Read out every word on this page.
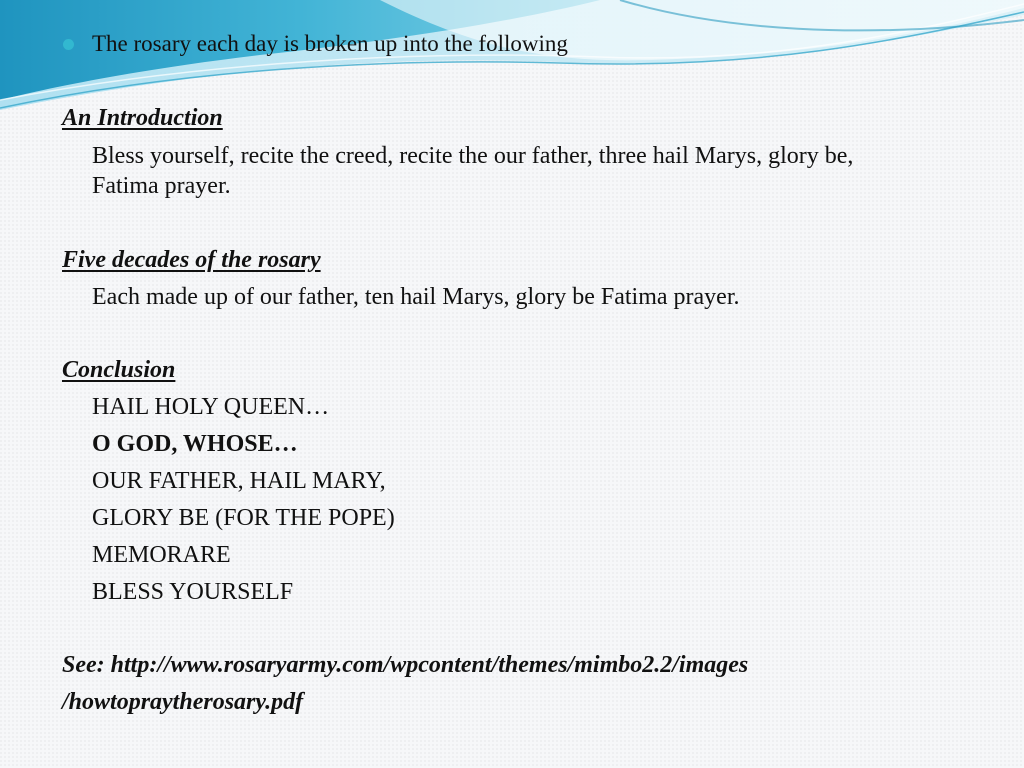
The rosary each day is broken up into the following
An Introduction
Bless yourself, recite the creed, recite the our father, three hail Marys, glory be,
Fatima prayer.
Five decades of the rosary
Each made up of our father, ten hail Marys, glory be Fatima prayer.
Conclusion
HAIL HOLY QUEEN…
O GOD, WHOSE…
OUR FATHER, HAIL MARY,
GLORY BE (FOR THE POPE)
MEMORARE
BLESS YOURSELF
See: http://www.rosaryarmy.com/wpcontent/themes/mimbo2.2/images
/howtopraytherosary.pdf
